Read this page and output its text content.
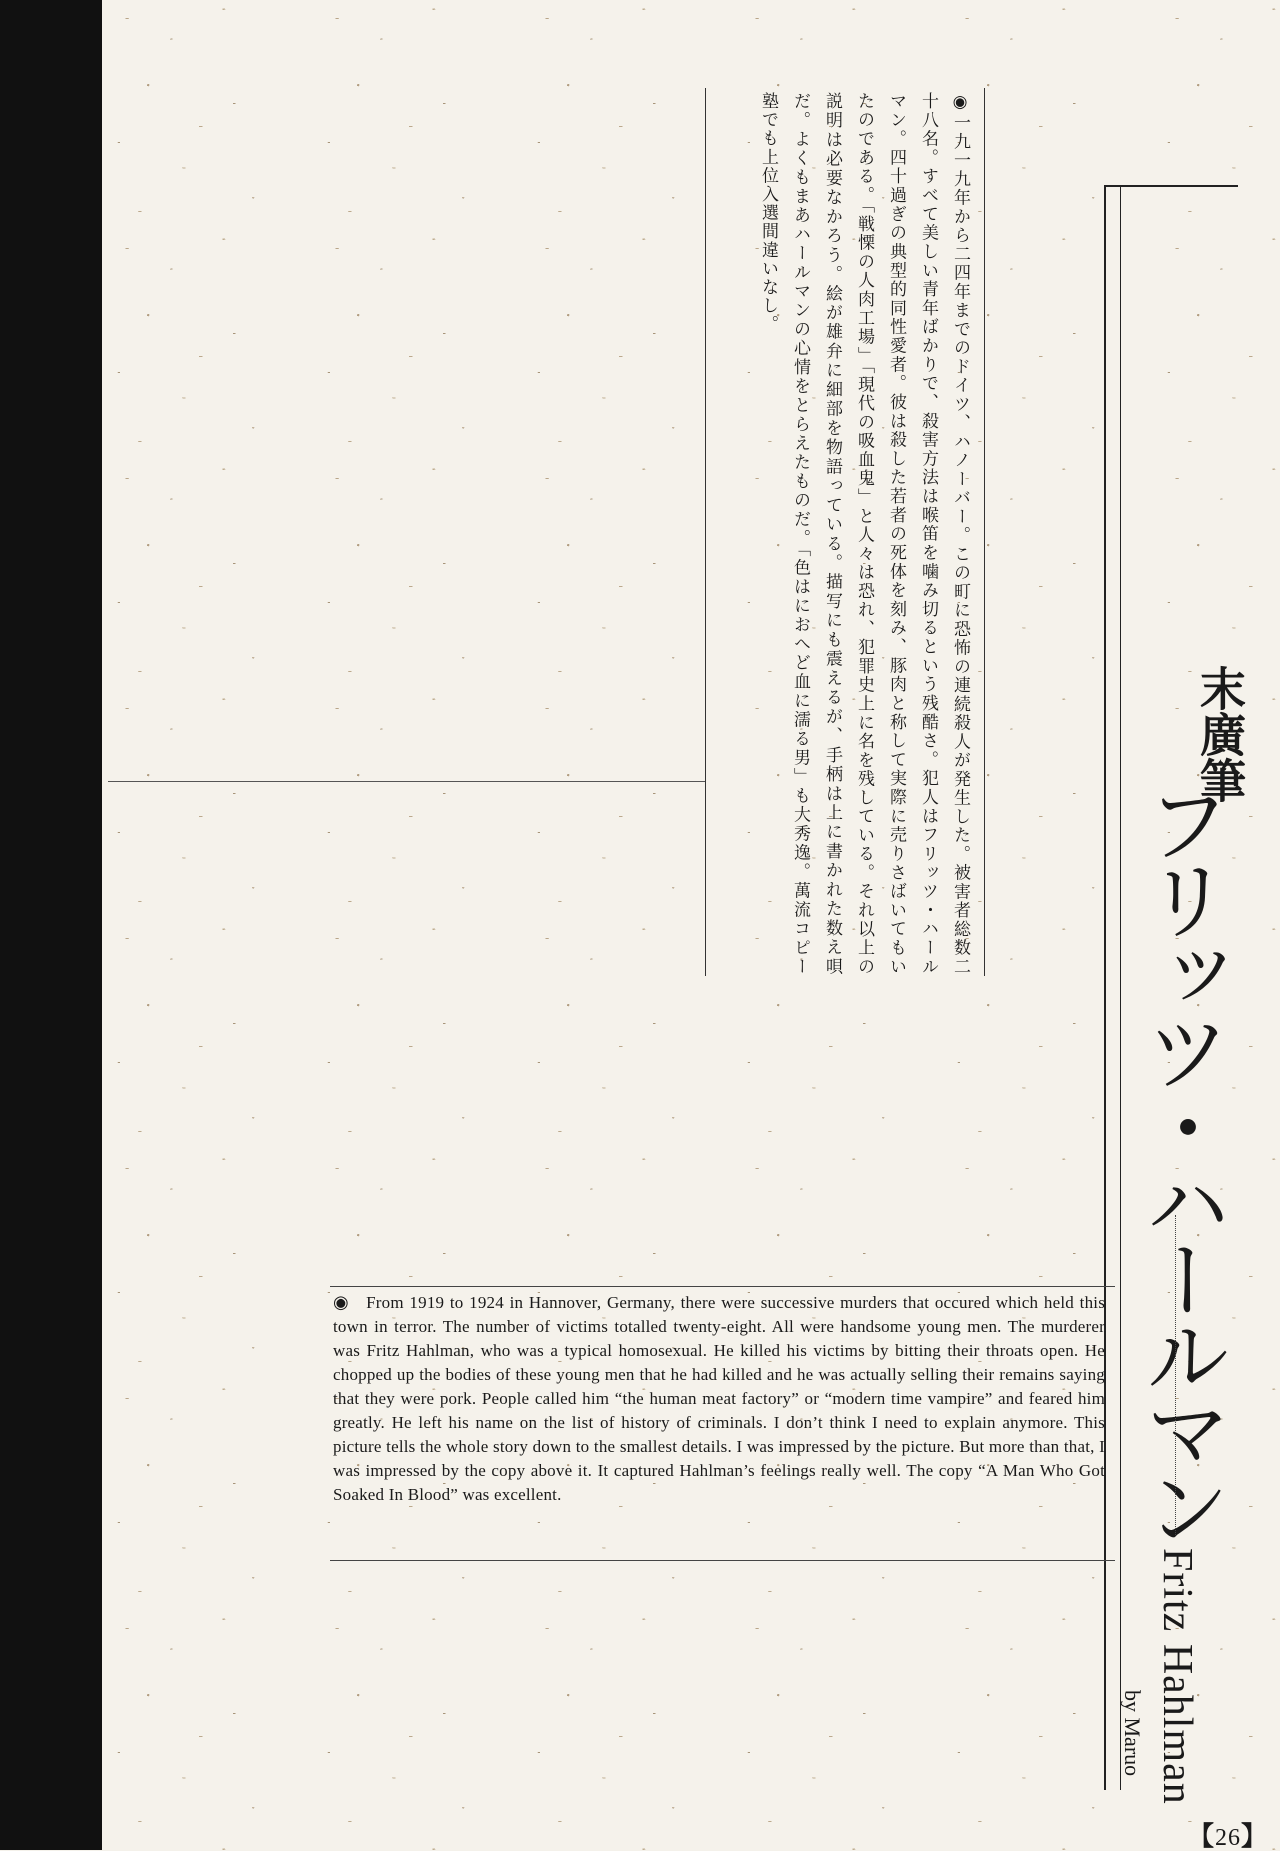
◉一九一九年から二四年までのドイツ、ハノーバー。この町に恐怖の連続殺人が発生した。被害者総数二十八名。すべて美しい青年ばかりで、殺害方法は喉笛を噛み切るという残酷さ。犯人はフリッツ・ハールマン。四十過ぎの典型的同性愛者。彼は殺した若者の死体を刻み、豚肉と称して実際に売りさばいてもいたのである。「戦慄の人肉工場」「現代の吸血鬼」と人々は恐れ、犯罪史上に名を残している。それ以上の説明は必要なかろう。絵が雄弁に細部を物語っている。描写にも震えるが、手柄は上に書かれた数え唄だ。よくもまあハールマンの心情をとらえたものだ。「色はにおへど血に濡る男」も大秀逸。萬流コピー塾でも上位入選間違いなし。
末廣筆
フリッツ・ハールマン
Fritz Hahlman
by Maruo
【26】
◉ From 1919 to 1924 in Hannover, Germany, there were successive murders that occured which held this town in terror. The number of victims totalled twenty-eight. All were handsome young men. The murderer was Fritz Hahlman, who was a typical homosexual. He killed his victims by bitting their throats open. He chopped up the bodies of these young men that he had killed and he was actually selling their remains saying that they were pork. People called him “the human meat factory” or “modern time vampire” and feared him greatly. He left his name on the list of history of criminals. I don’t think I need to explain anymore. This picture tells the whole story down to the smallest details. I was impressed by the picture. But more than that, I was impressed by the copy above it. It captured Hahlman’s feelings really well. The copy “A Man Who Got Soaked In Blood” was excellent.
